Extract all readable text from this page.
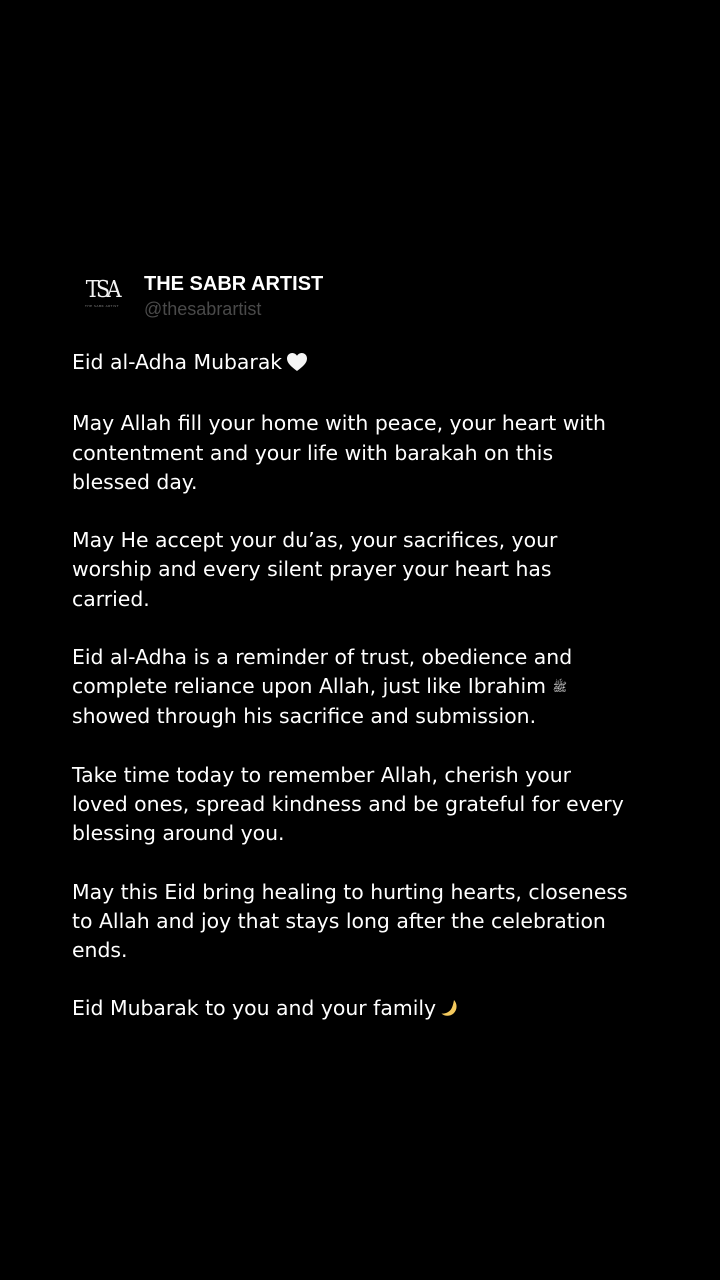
TSA
THE SABR ARTIST
THE SABR ARTIST
@thesabrartist

Eid al-Adha Mubarak

May Allah fill your home with peace, your heart with
contentment and your life with barakah on this
blessed day.

May He accept your du’as, your sacrifices, your
worship and every silent prayer your heart has
carried.

Eid al-Adha is a reminder of trust, obedience and
complete reliance upon Allah, just like Ibrahim ﷺ
showed through his sacrifice and submission.

Take time today to remember Allah, cherish your
loved ones, spread kindness and be grateful for every
blessing around you.

May this Eid bring healing to hurting hearts, closeness
to Allah and joy that stays long after the celebration
ends.

Eid Mubarak to you and your family
